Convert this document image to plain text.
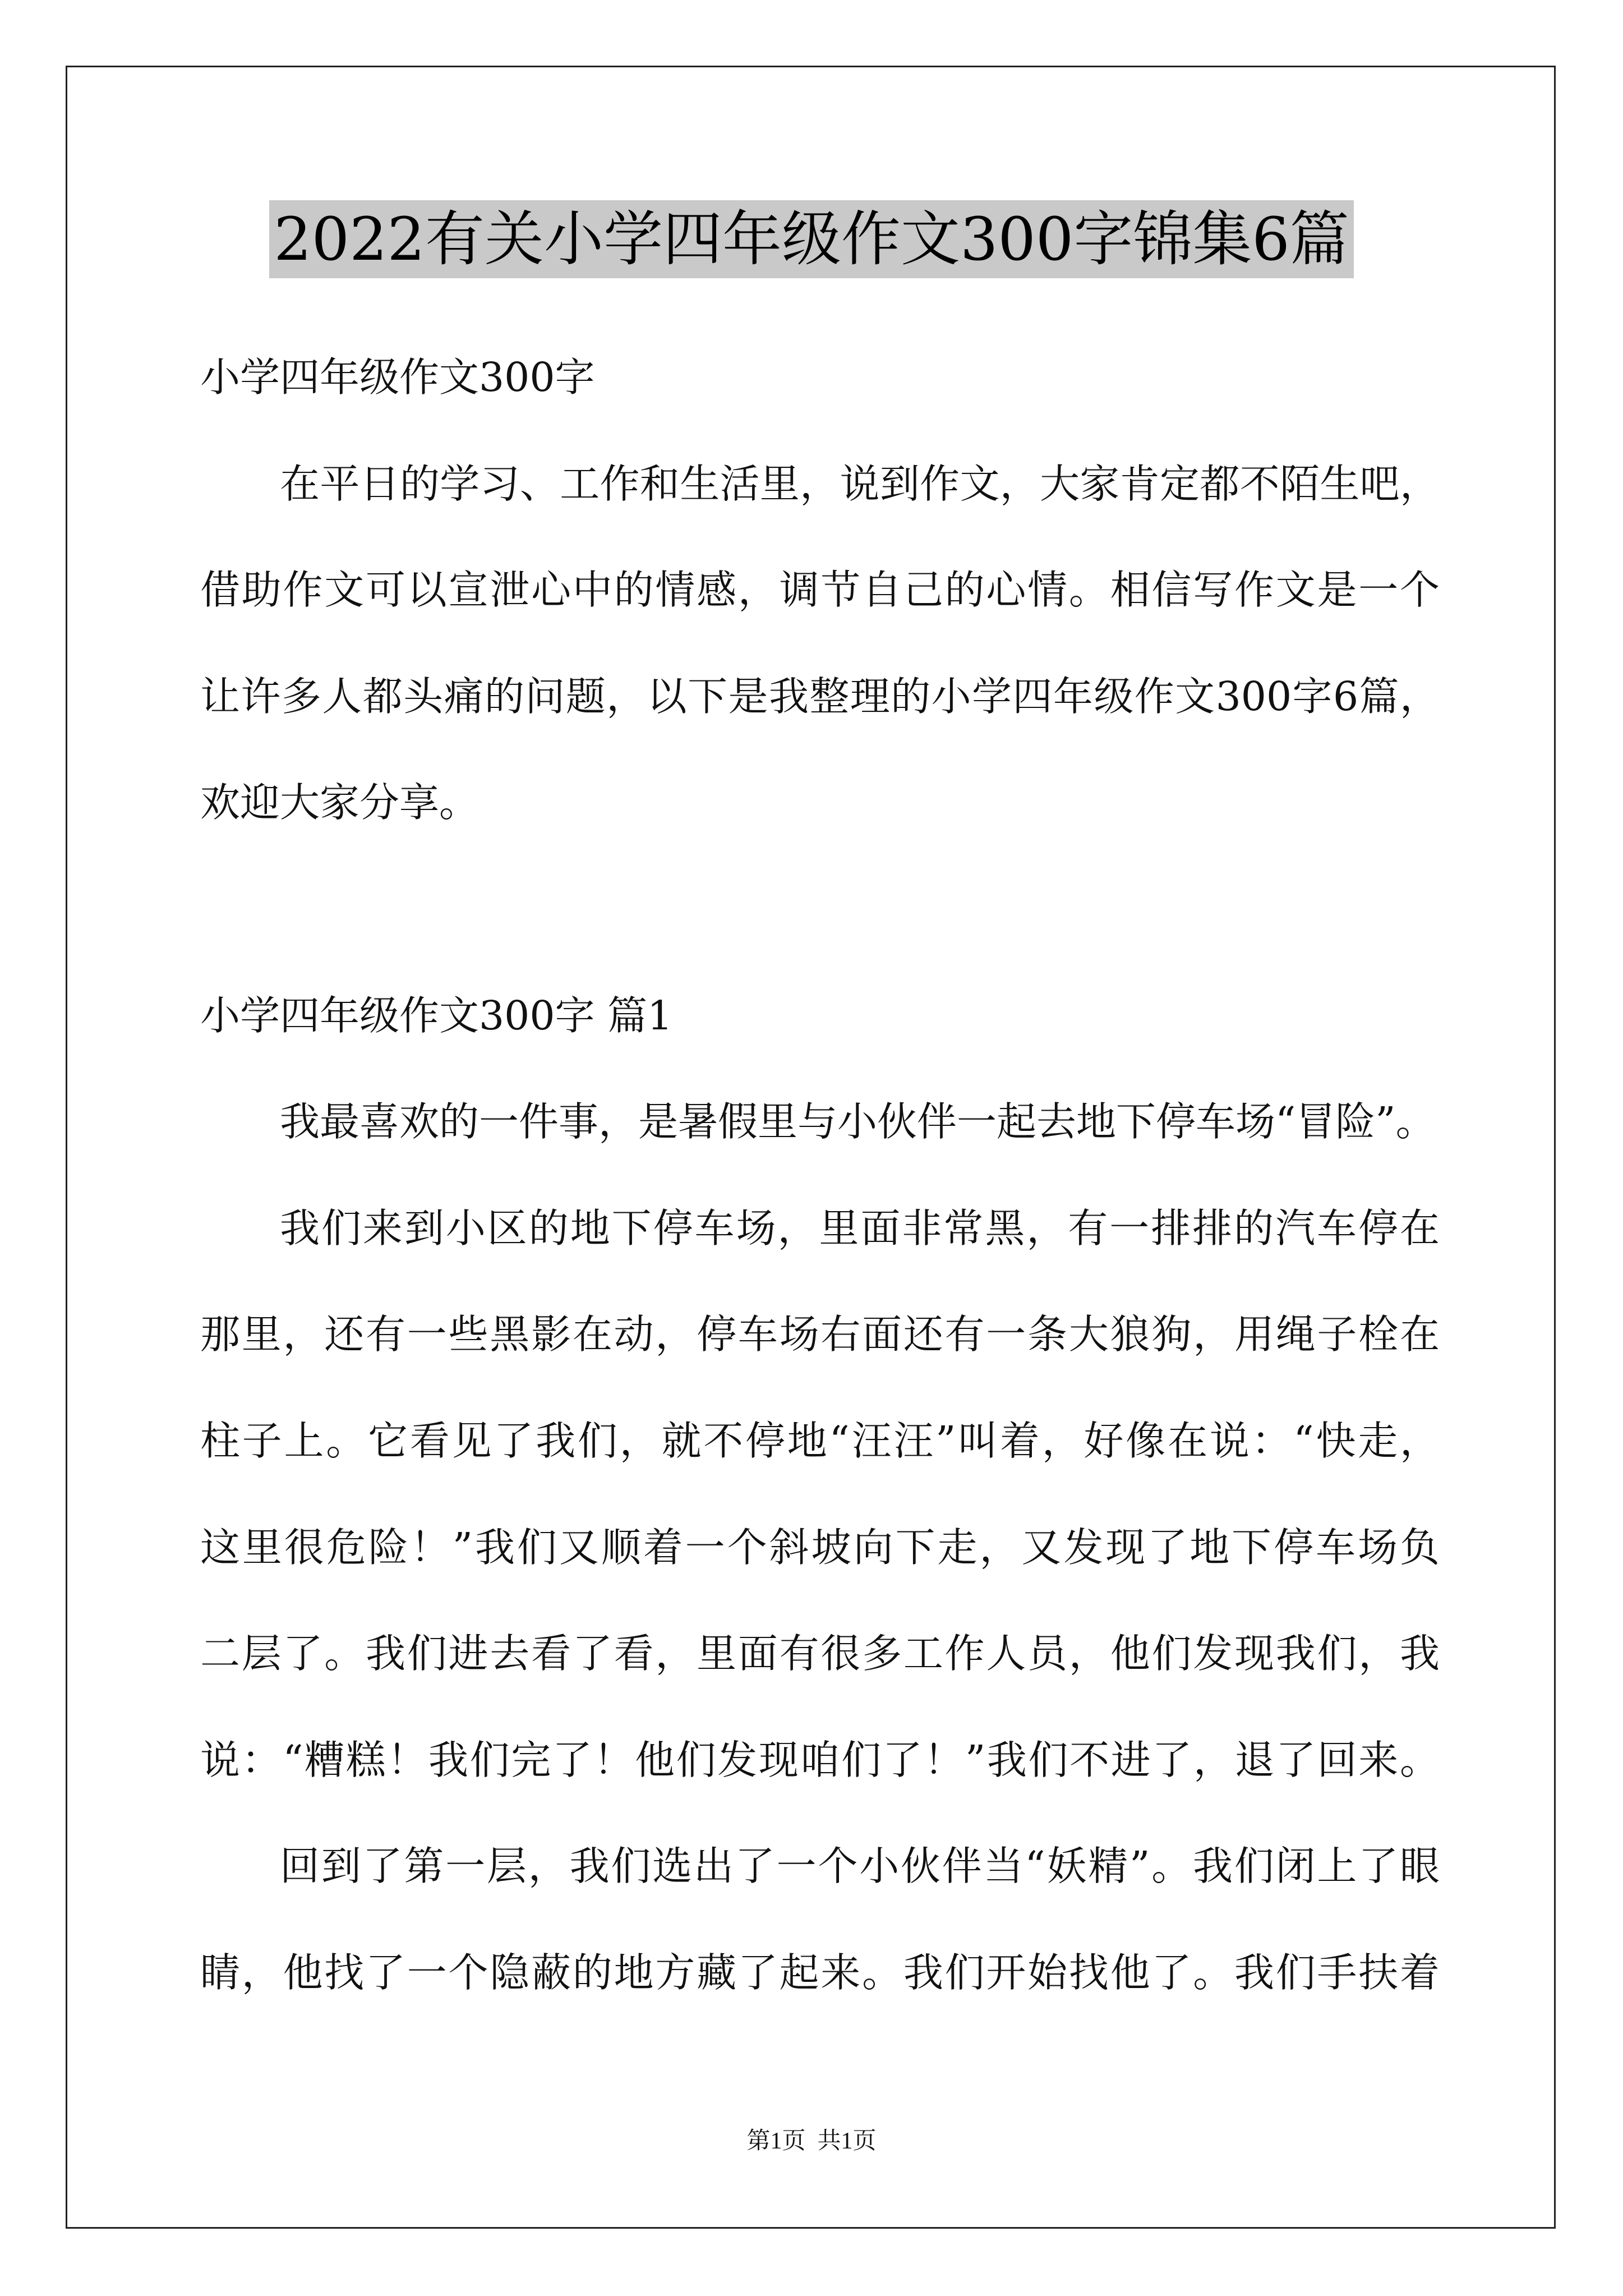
2022有关小学四年级作文300字锦集6篇
小学四年级作文300字
在平日的学习、工作和生活里，说到作文，大家肯定都不陌生吧，
借助作文可以宣泄心中的情感，调节自己的心情。相信写作文是一个
让许多人都头痛的问题，以下是我整理的小学四年级作文300字6篇，
欢迎大家分享。
小学四年级作文300字 篇1
我最喜欢的一件事，是暑假里与小伙伴一起去地下停车场“冒险”。
我们来到小区的地下停车场，里面非常黑，有一排排的汽车停在
那里，还有一些黑影在动，停车场右面还有一条大狼狗，用绳子栓在
柱子上。它看见了我们，就不停地“汪汪”叫着，好像在说：“快走，
这里很危险！”我们又顺着一个斜坡向下走，又发现了地下停车场负
二层了。我们进去看了看，里面有很多工作人员，他们发现我们，我
说：“糟糕！我们完了！他们发现咱们了！”我们不进了，退了回来。
回到了第一层，我们选出了一个小伙伴当“妖精”。我们闭上了眼
睛，他找了一个隐蔽的地方藏了起来。我们开始找他了。我们手扶着
第1页  共1页
